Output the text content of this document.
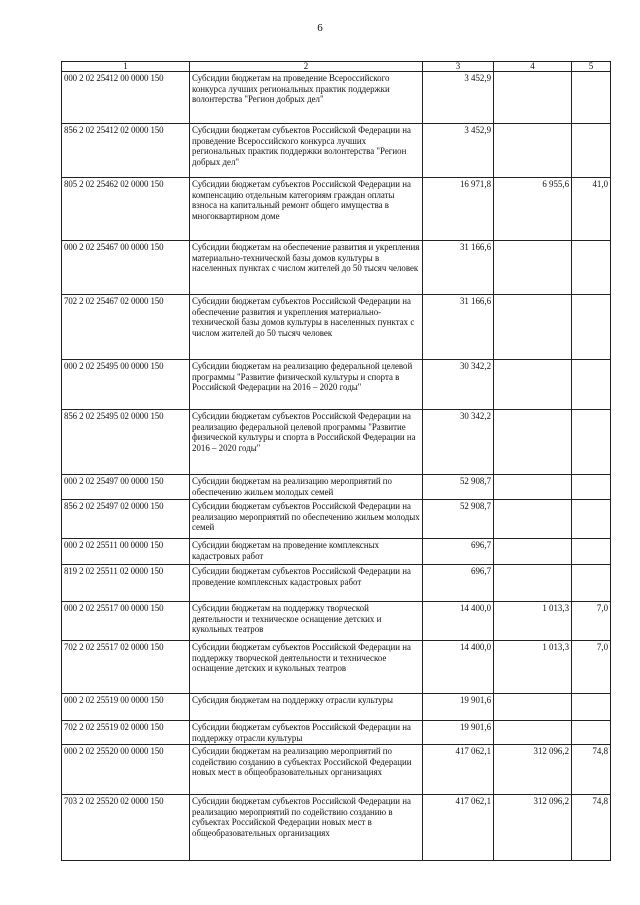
6
1	2	3	4	5
000 2 02 25412 00 0000 150	Субсидии бюджетам на проведение Всероссийского конкурса лучших региональных практик поддержки волонтерства "Регион добрых дел"	3 452,9		
856 2 02 25412 02 0000 150	Субсидии бюджетам субъектов Российской Федерации на проведение Всероссийского конкурса лучших региональных практик поддержки волонтерства "Регион добрых дел"	3 452,9		
805 2 02 25462 02 0000 150	Субсидии бюджетам субъектов Российской Федерации на компенсацию отдельным категориям граждан оплаты взноса на капитальный ремонт общего имущества в многоквартирном доме	16 971,8	6 955,6	41,0
000 2 02 25467 00 0000 150	Субсидии бюджетам на обеспечение развития и укрепления материально-технической базы домов культуры в населенных пунктах с числом жителей до 50 тысяч человек	31 166,6		
702 2 02 25467 02 0000 150	Субсидии бюджетам субъектов Российской Федерации на обеспечение развития и укрепления материально-технической базы домов культуры в населенных пунктах с числом жителей до 50 тысяч человек	31 166,6		
000 2 02 25495 00 0000 150	Субсидии бюджетам на реализацию федеральной целевой программы "Развитие физической культуры и спорта в Российской Федерации на 2016 – 2020 годы"	30 342,2		
856 2 02 25495 02 0000 150	Субсидии бюджетам субъектов Российской Федерации на реализацию федеральной целевой программы "Развитие физической культуры и спорта в Российской Федерации на 2016 – 2020 годы"	30 342,2		
000 2 02 25497 00 0000 150	Субсидии бюджетам на реализацию мероприятий по обеспечению жильем молодых семей	52 908,7		
856 2 02 25497 02 0000 150	Субсидии бюджетам субъектов Российской Федерации на реализацию мероприятий по обеспечению жильем молодых семей	52 908,7		
000 2 02 25511 00 0000 150	Субсидии бюджетам на проведение комплексных кадастровых работ	696,7		
819 2 02 25511 02 0000 150	Субсидии бюджетам субъектов Российской Федерации на проведение комплексных кадастровых работ	696,7		
000 2 02 25517 00 0000 150	Субсидии бюджетам на поддержку творческой деятельности и техническое оснащение детских и кукольных театров	14 400,0	1 013,3	7,0
702 2 02 25517 02 0000 150	Субсидии бюджетам субъектов Российской Федерации на поддержку творческой деятельности и техническое оснащение детских и кукольных театров	14 400,0	1 013,3	7,0
000 2 02 25519 00 0000 150	Субсидия бюджетам на поддержку отрасли культуры	19 901,6		
702 2 02 25519 02 0000 150	Субсидии бюджетам субъектов Российской Федерации на поддержку отрасли культуры	19 901,6		
000 2 02 25520 00 0000 150	Субсидии бюджетам на реализацию мероприятий по содействию созданию в субъектах Российской Федерации новых мест в общеобразовательных организациях	417 062,1	312 096,2	74,8
703 2 02 25520 02 0000 150	Субсидии бюджетам субъектов Российской Федерации на реализацию мероприятий по содействию созданию в субъектах Российской Федерации новых мест в общеобразовательных организациях	417 062,1	312 096,2	74,8
